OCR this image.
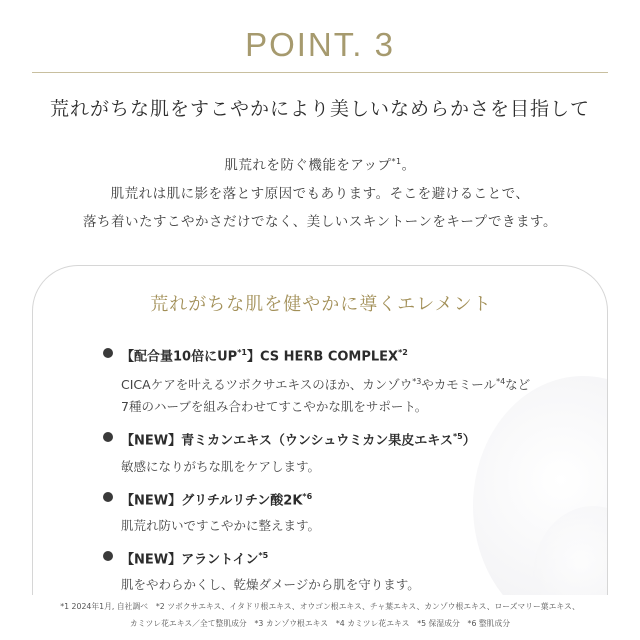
POINT. 3
荒れがちな肌をすこやかにより美しいなめらかさを目指して
肌荒れを防ぐ機能をアップ$^{*1}$。
肌荒れは肌に影を落とす原因でもあります。そこを避けることで、
落ち着いたすこやかさだけでなく、美しいスキントーンをキープできます。
荒れがちな肌を健やかに導くエレメント
【配合量10倍にUP$^{*1}$】CS HERB COMPLEX$^{*2}$
CICAケアを叶えるツボクサエキスのほか、カンゾウ$^{*3}$やカモミール$^{*4}$など
7種のハーブを組み合わせてすこやかな肌をサポート。
【NEW】青ミカンエキス（ウンシュウミカン果皮エキス$^{*5}$）
敏感になりがちな肌をケアします。
【NEW】グリチルリチン酸$2K^{*6}$
肌荒れ防いですこやかに整えます。
【NEW】アラントイン$^{*5}$
肌をやわらかくし、乾燥ダメージから肌を守ります。
*1 2024年1月, 自社調べ　*2 ツボクサエキス、イタドリ根エキス、オウゴン根エキス、チャ葉エキス、カンゾウ根エキス、ローズマリー葉エキス、
カミツレ花エキス／全て整肌成分　*3 カンゾウ根エキス　*4 カミツレ花エキス　*5 保湿成分　*6 整肌成分
